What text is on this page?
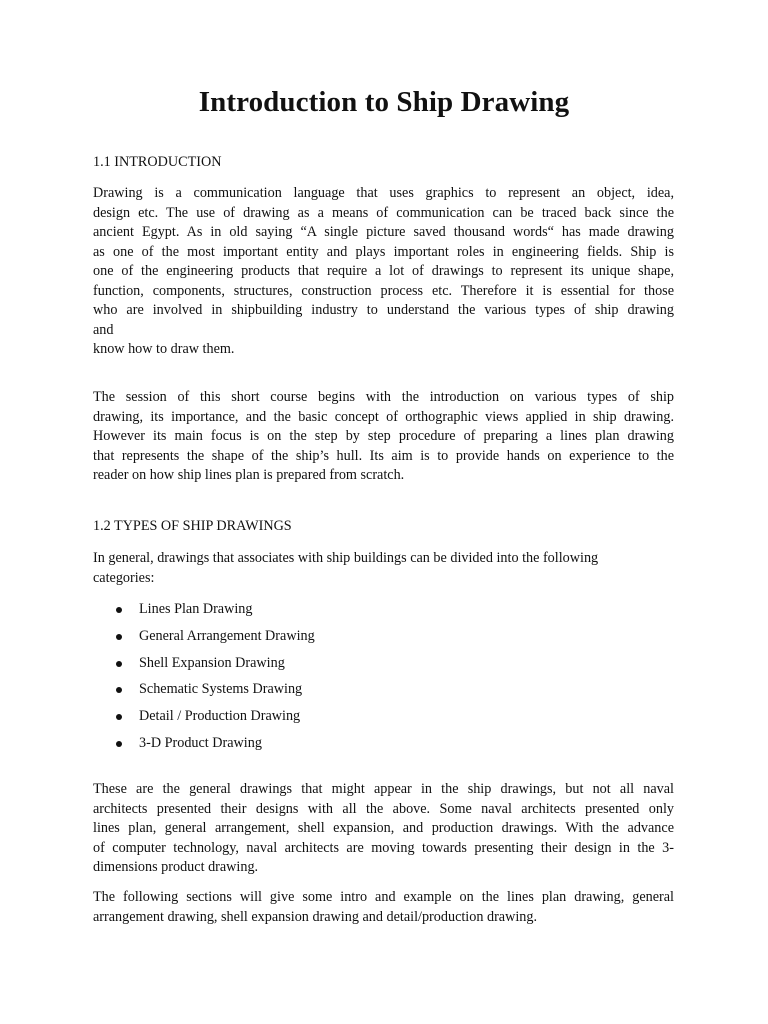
Introduction to Ship Drawing
1.1 INTRODUCTION
Drawing is a communication language that uses graphics to represent an object, idea,
design etc. The use of drawing as a means of communication can be traced back since the
ancient Egypt. As in old saying “A single picture saved thousand words“ has made drawing
as one of the most important entity and plays important roles in engineering fields. Ship is
one of the engineering products that require a lot of drawings to represent its unique shape,
function, components, structures, construction process etc. Therefore it is essential for those
who are involved in shipbuilding industry to understand the various types of ship drawing
and
know how to draw them.
The session of this short course begins with the introduction on various types of ship
drawing, its importance, and the basic concept of orthographic views applied in ship drawing.
However its main focus is on the step by step procedure of preparing a lines plan drawing
that represents the shape of the ship’s hull. Its aim is to provide hands on experience to the
reader on how ship lines plan is prepared from scratch.
1.2 TYPES OF SHIP DRAWINGS
In general, drawings that associates with ship buildings can be divided into the following
categories:
Lines Plan Drawing
General Arrangement Drawing
Shell Expansion Drawing
Schematic Systems Drawing
Detail / Production Drawing
3-D Product Drawing
These are the general drawings that might appear in the ship drawings, but not all naval
architects presented their designs with all the above. Some naval architects presented only
lines plan, general arrangement, shell expansion, and production drawings. With the advance
of computer technology, naval architects are moving towards presenting their design in the 3-
dimensions product drawing.
The following sections will give some intro and example on the lines plan drawing, general
arrangement drawing, shell expansion drawing and detail/production drawing.
